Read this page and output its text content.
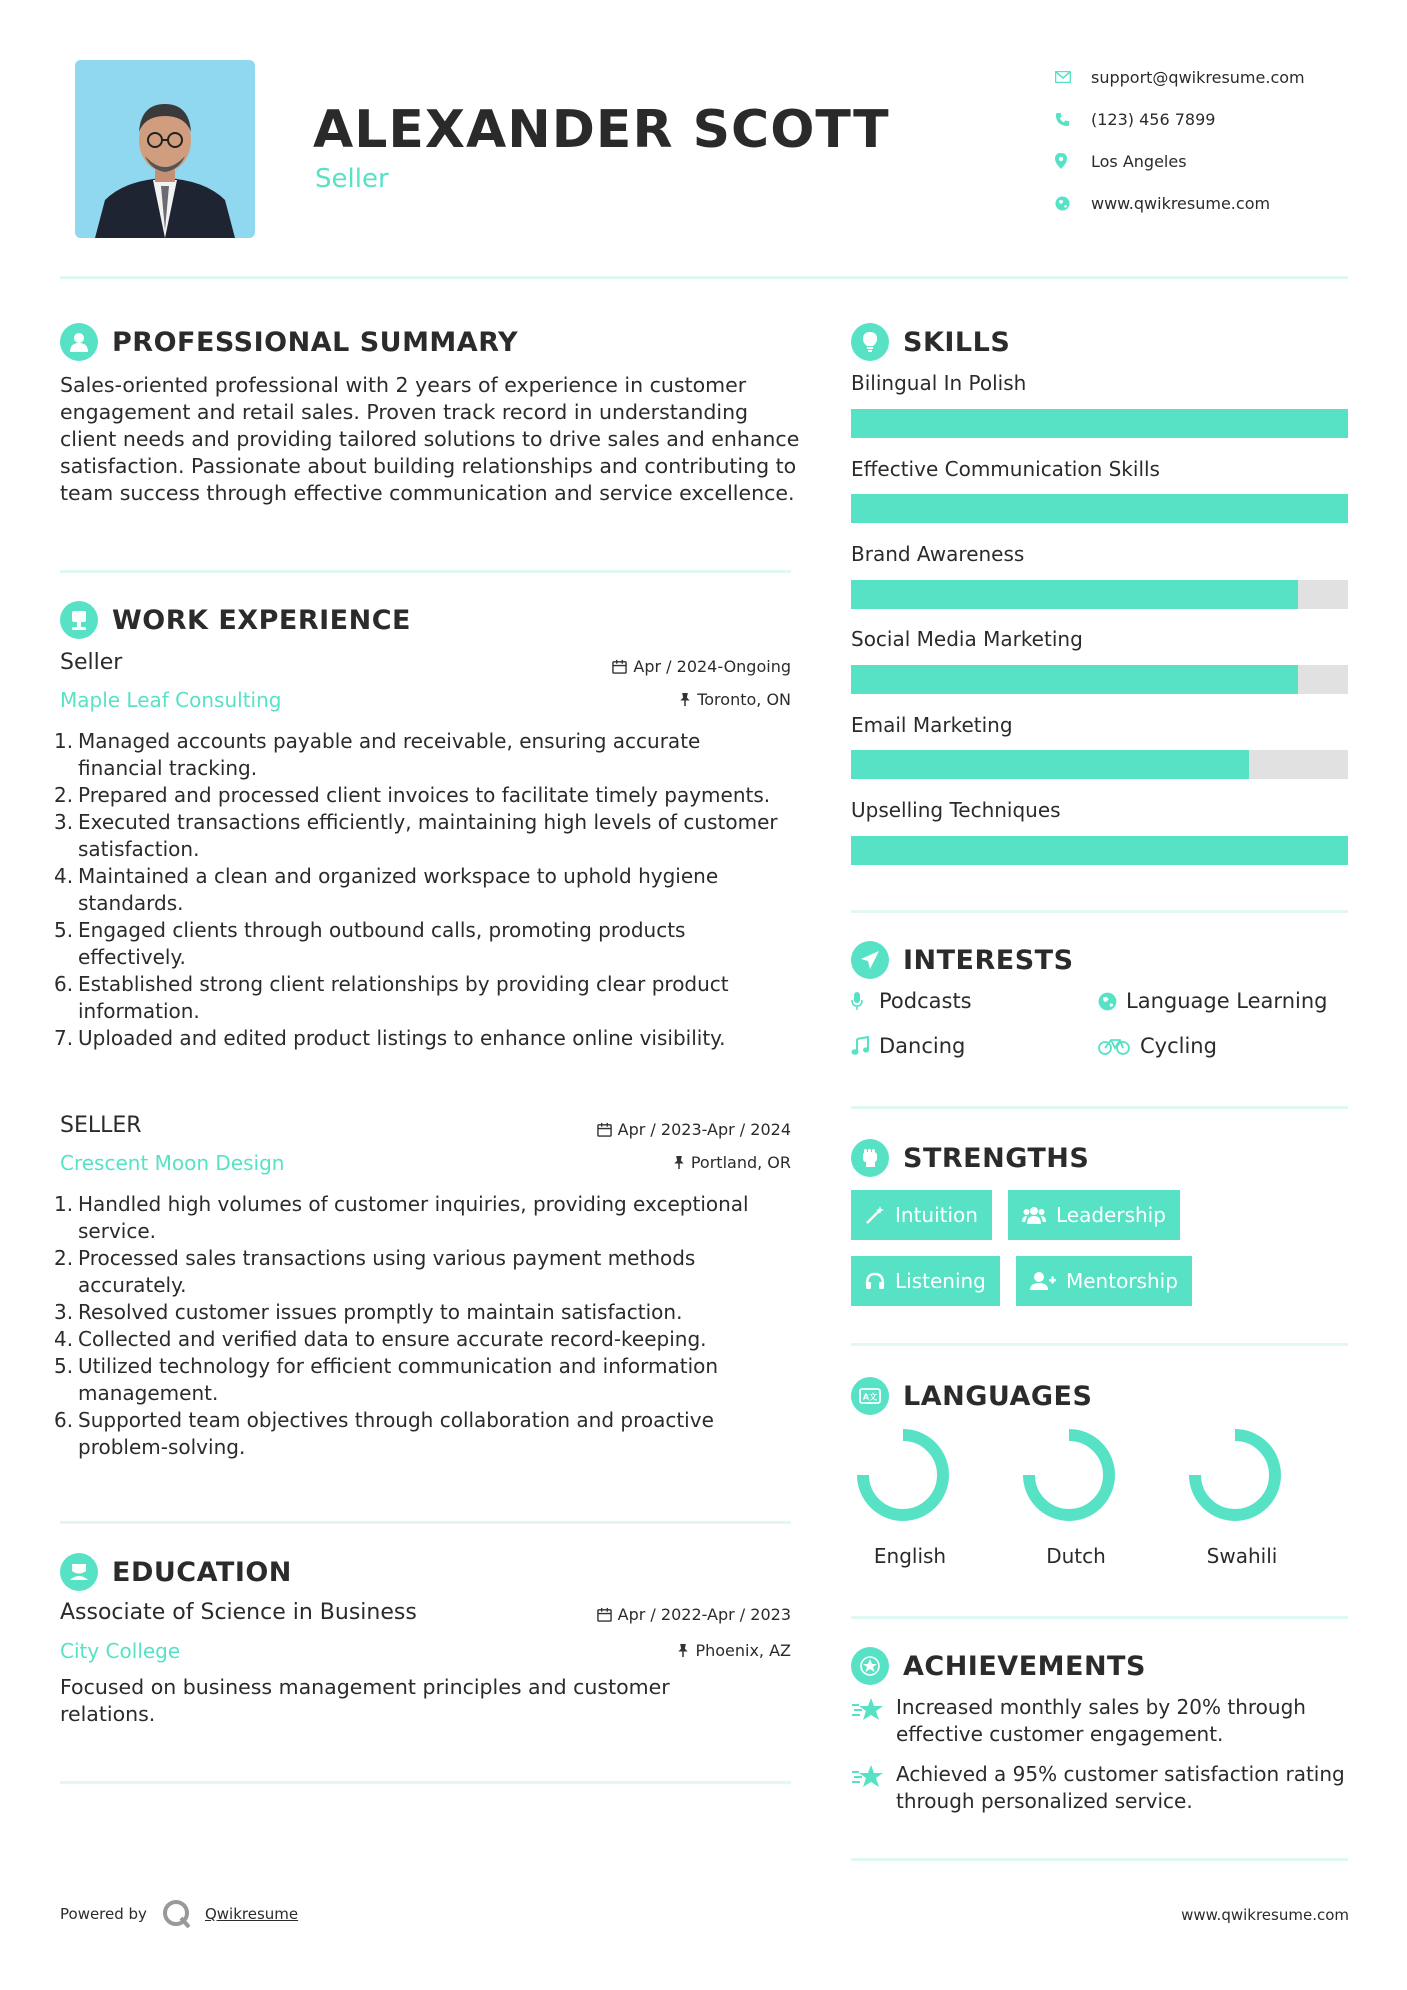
ALEXANDER SCOTT
Seller
support@qwikresume.com
(123) 456 7899
Los Angeles
www.qwikresume.com
PROFESSIONAL SUMMARY
Sales-oriented professional with 2 years of experience in customer engagement and retail sales. Proven track record in understanding client needs and providing tailored solutions to drive sales and enhance satisfaction. Passionate about building relationships and contributing to team success through effective communication and service excellence.
WORK EXPERIENCE
Seller	Apr / 2024-Ongoing
Maple Leaf Consulting	Toronto, ON
1. Managed accounts payable and receivable, ensuring accurate financial tracking.
2. Prepared and processed client invoices to facilitate timely payments.
3. Executed transactions efficiently, maintaining high levels of customer satisfaction.
4. Maintained a clean and organized workspace to uphold hygiene standards.
5. Engaged clients through outbound calls, promoting products effectively.
6. Established strong client relationships by providing clear product information.
7. Uploaded and edited product listings to enhance online visibility.
SELLER	Apr / 2023-Apr / 2024
Crescent Moon Design	Portland, OR
1. Handled high volumes of customer inquiries, providing exceptional service.
2. Processed sales transactions using various payment methods accurately.
3. Resolved customer issues promptly to maintain satisfaction.
4. Collected and verified data to ensure accurate record-keeping.
5. Utilized technology for efficient communication and information management.
6. Supported team objectives through collaboration and proactive problem-solving.
EDUCATION
Associate of Science in Business	Apr / 2022-Apr / 2023
City College	Phoenix, AZ
Focused on business management principles and customer relations.
SKILLS
Bilingual In Polish
Effective Communication Skills
Brand Awareness
Social Media Marketing
Email Marketing
Upselling Techniques
INTERESTS
Podcasts	Language Learning
Dancing	Cycling
STRENGTHS
Intuition	Leadership
Listening	Mentorship
A文 LANGUAGES
English	Dutch	Swahili
ACHIEVEMENTS
Increased monthly sales by 20% through effective customer engagement.
Achieved a 95% customer satisfaction rating through personalized service.
Powered by	Qwikresume	www.qwikresume.com
